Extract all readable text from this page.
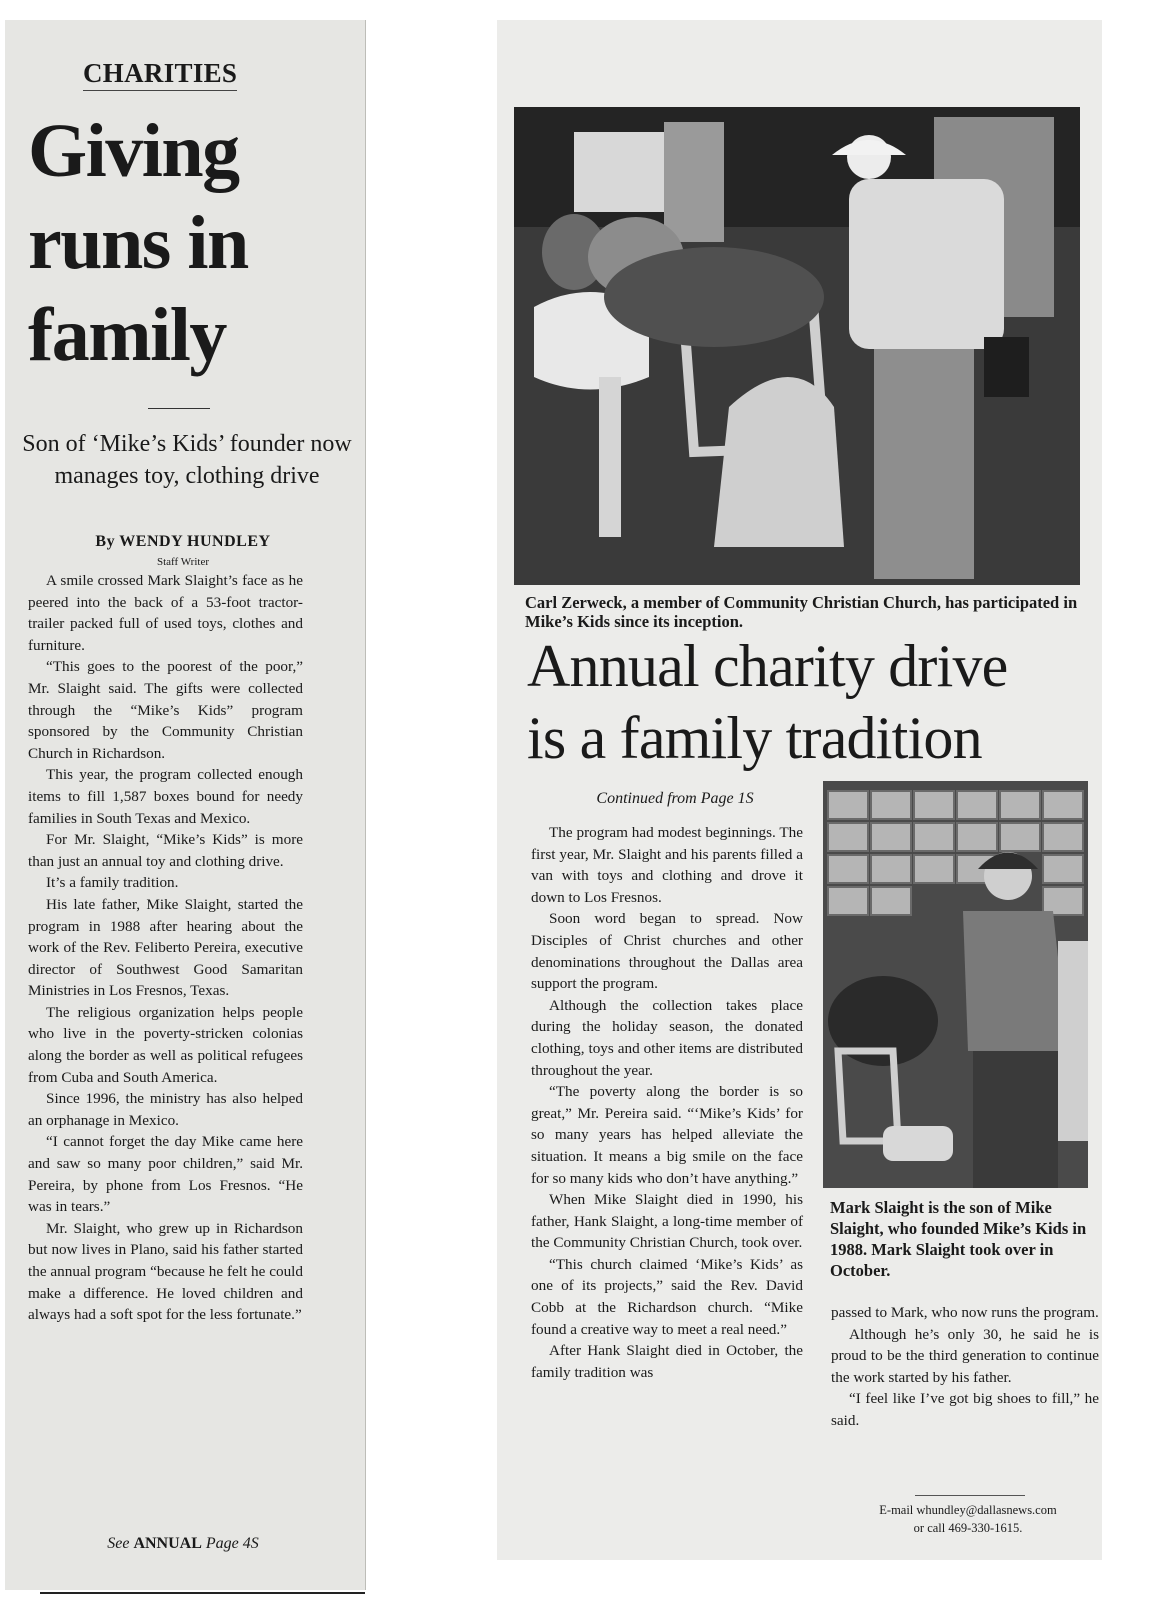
CHARITIES
Giving
runs in
family
Son of ‘Mike’s Kids’ founder now manages toy, clothing drive
By WENDY HUNDLEY
Staff Writer

A smile crossed Mark Slaight’s face as he peered into the back of a 53-foot tractor-trailer packed full of used toys, clothes and furniture.

“This goes to the poorest of the poor,” Mr. Slaight said. The gifts were collected through the “Mike’s Kids” program sponsored by the Community Christian Church in Richardson.

This year, the program collected enough items to fill 1,587 boxes bound for needy families in South Texas and Mexico.

For Mr. Slaight, “Mike’s Kids” is more than just an annual toy and clothing drive.

It’s a family tradition.

His late father, Mike Slaight, started the program in 1988 after hearing about the work of the Rev. Feliberto Pereira, executive director of Southwest Good Samaritan Ministries in Los Fresnos, Texas.

The religious organization helps people who live in the poverty-stricken colonias along the border as well as political refugees from Cuba and South America.

Since 1996, the ministry has also helped an orphanage in Mexico.

“I cannot forget the day Mike came here and saw so many poor children,” said Mr. Pereira, by phone from Los Fresnos. “He was in tears.”

Mr. Slaight, who grew up in Richardson but now lives in Plano, said his father started the annual program “because he felt he could make a difference. He loved children and always had a soft spot for the less fortunate.”

See ANNUAL Page 4S
Carl Zerweck, a member of Community Christian Church, has participated in Mike’s Kids since its inception.
Annual charity drive
is a family tradition
Continued from Page 1S

The program had modest beginnings. The first year, Mr. Slaight and his parents filled a van with toys and clothing and drove it down to Los Fresnos.

Soon word began to spread. Now Disciples of Christ churches and other denominations throughout the Dallas area support the program.

Although the collection takes place during the holiday season, the donated clothing, toys and other items are distributed throughout the year.

“The poverty along the border is so great,” Mr. Pereira said. “‘Mike’s Kids’ for so many years has helped alleviate the situation. It means a big smile on the face for so many kids who don’t have anything.”

When Mike Slaight died in 1990, his father, Hank Slaight, a long-time member of the Community Christian Church, took over.

“This church claimed ‘Mike’s Kids’ as one of its projects,” said the Rev. David Cobb at the Richardson church. “Mike found a creative way to meet a real need.”

After Hank Slaight died in October, the family tradition was

Mark Slaight is the son of Mike Slaight, who founded Mike’s Kids in 1988. Mark Slaight took over in October.

passed to Mark, who now runs the program.

Although he’s only 30, he said he is proud to be the third generation to continue the work started by his father.

“I feel like I’ve got big shoes to fill,” he said.

E-mail whundley@dallasnews.com
or call 469-330-1615.
